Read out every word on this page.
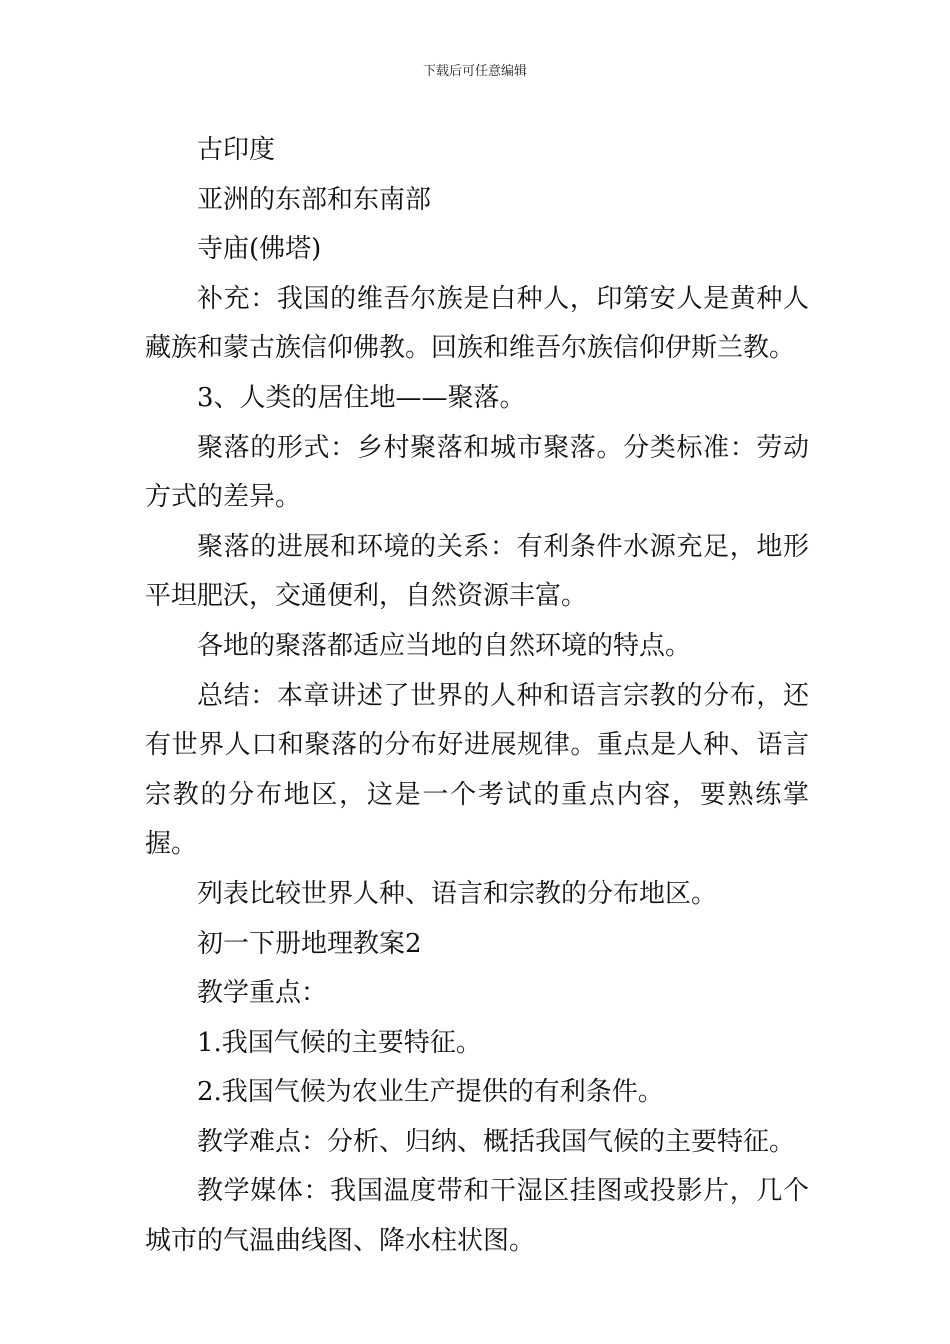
下载后可任意编辑

古印度

亚洲的东部和东南部

寺庙(佛塔)

补充：我国的维吾尔族是白种人，印第安人是黄种人藏族和蒙古族信仰佛教。回族和维吾尔族信仰伊斯兰教。

3、人类的居住地——聚落。

聚落的形式：乡村聚落和城市聚落。分类标准：劳动方式的差异。

聚落的进展和环境的关系：有利条件水源充足，地形平坦肥沃，交通便利，自然资源丰富。

各地的聚落都适应当地的自然环境的特点。

总结：本章讲述了世界的人种和语言宗教的分布，还有世界人口和聚落的分布好进展规律。重点是人种、语言宗教的分布地区，这是一个考试的重点内容，要熟练掌握。

列表比较世界人种、语言和宗教的分布地区。

初一下册地理教案2

教学重点：

1.我国气候的主要特征。

2.我国气候为农业生产提供的有利条件。

教学难点：分析、归纳、概括我国气候的主要特征。

教学媒体：我国温度带和干湿区挂图或投影片，几个城市的气温曲线图、降水柱状图。
